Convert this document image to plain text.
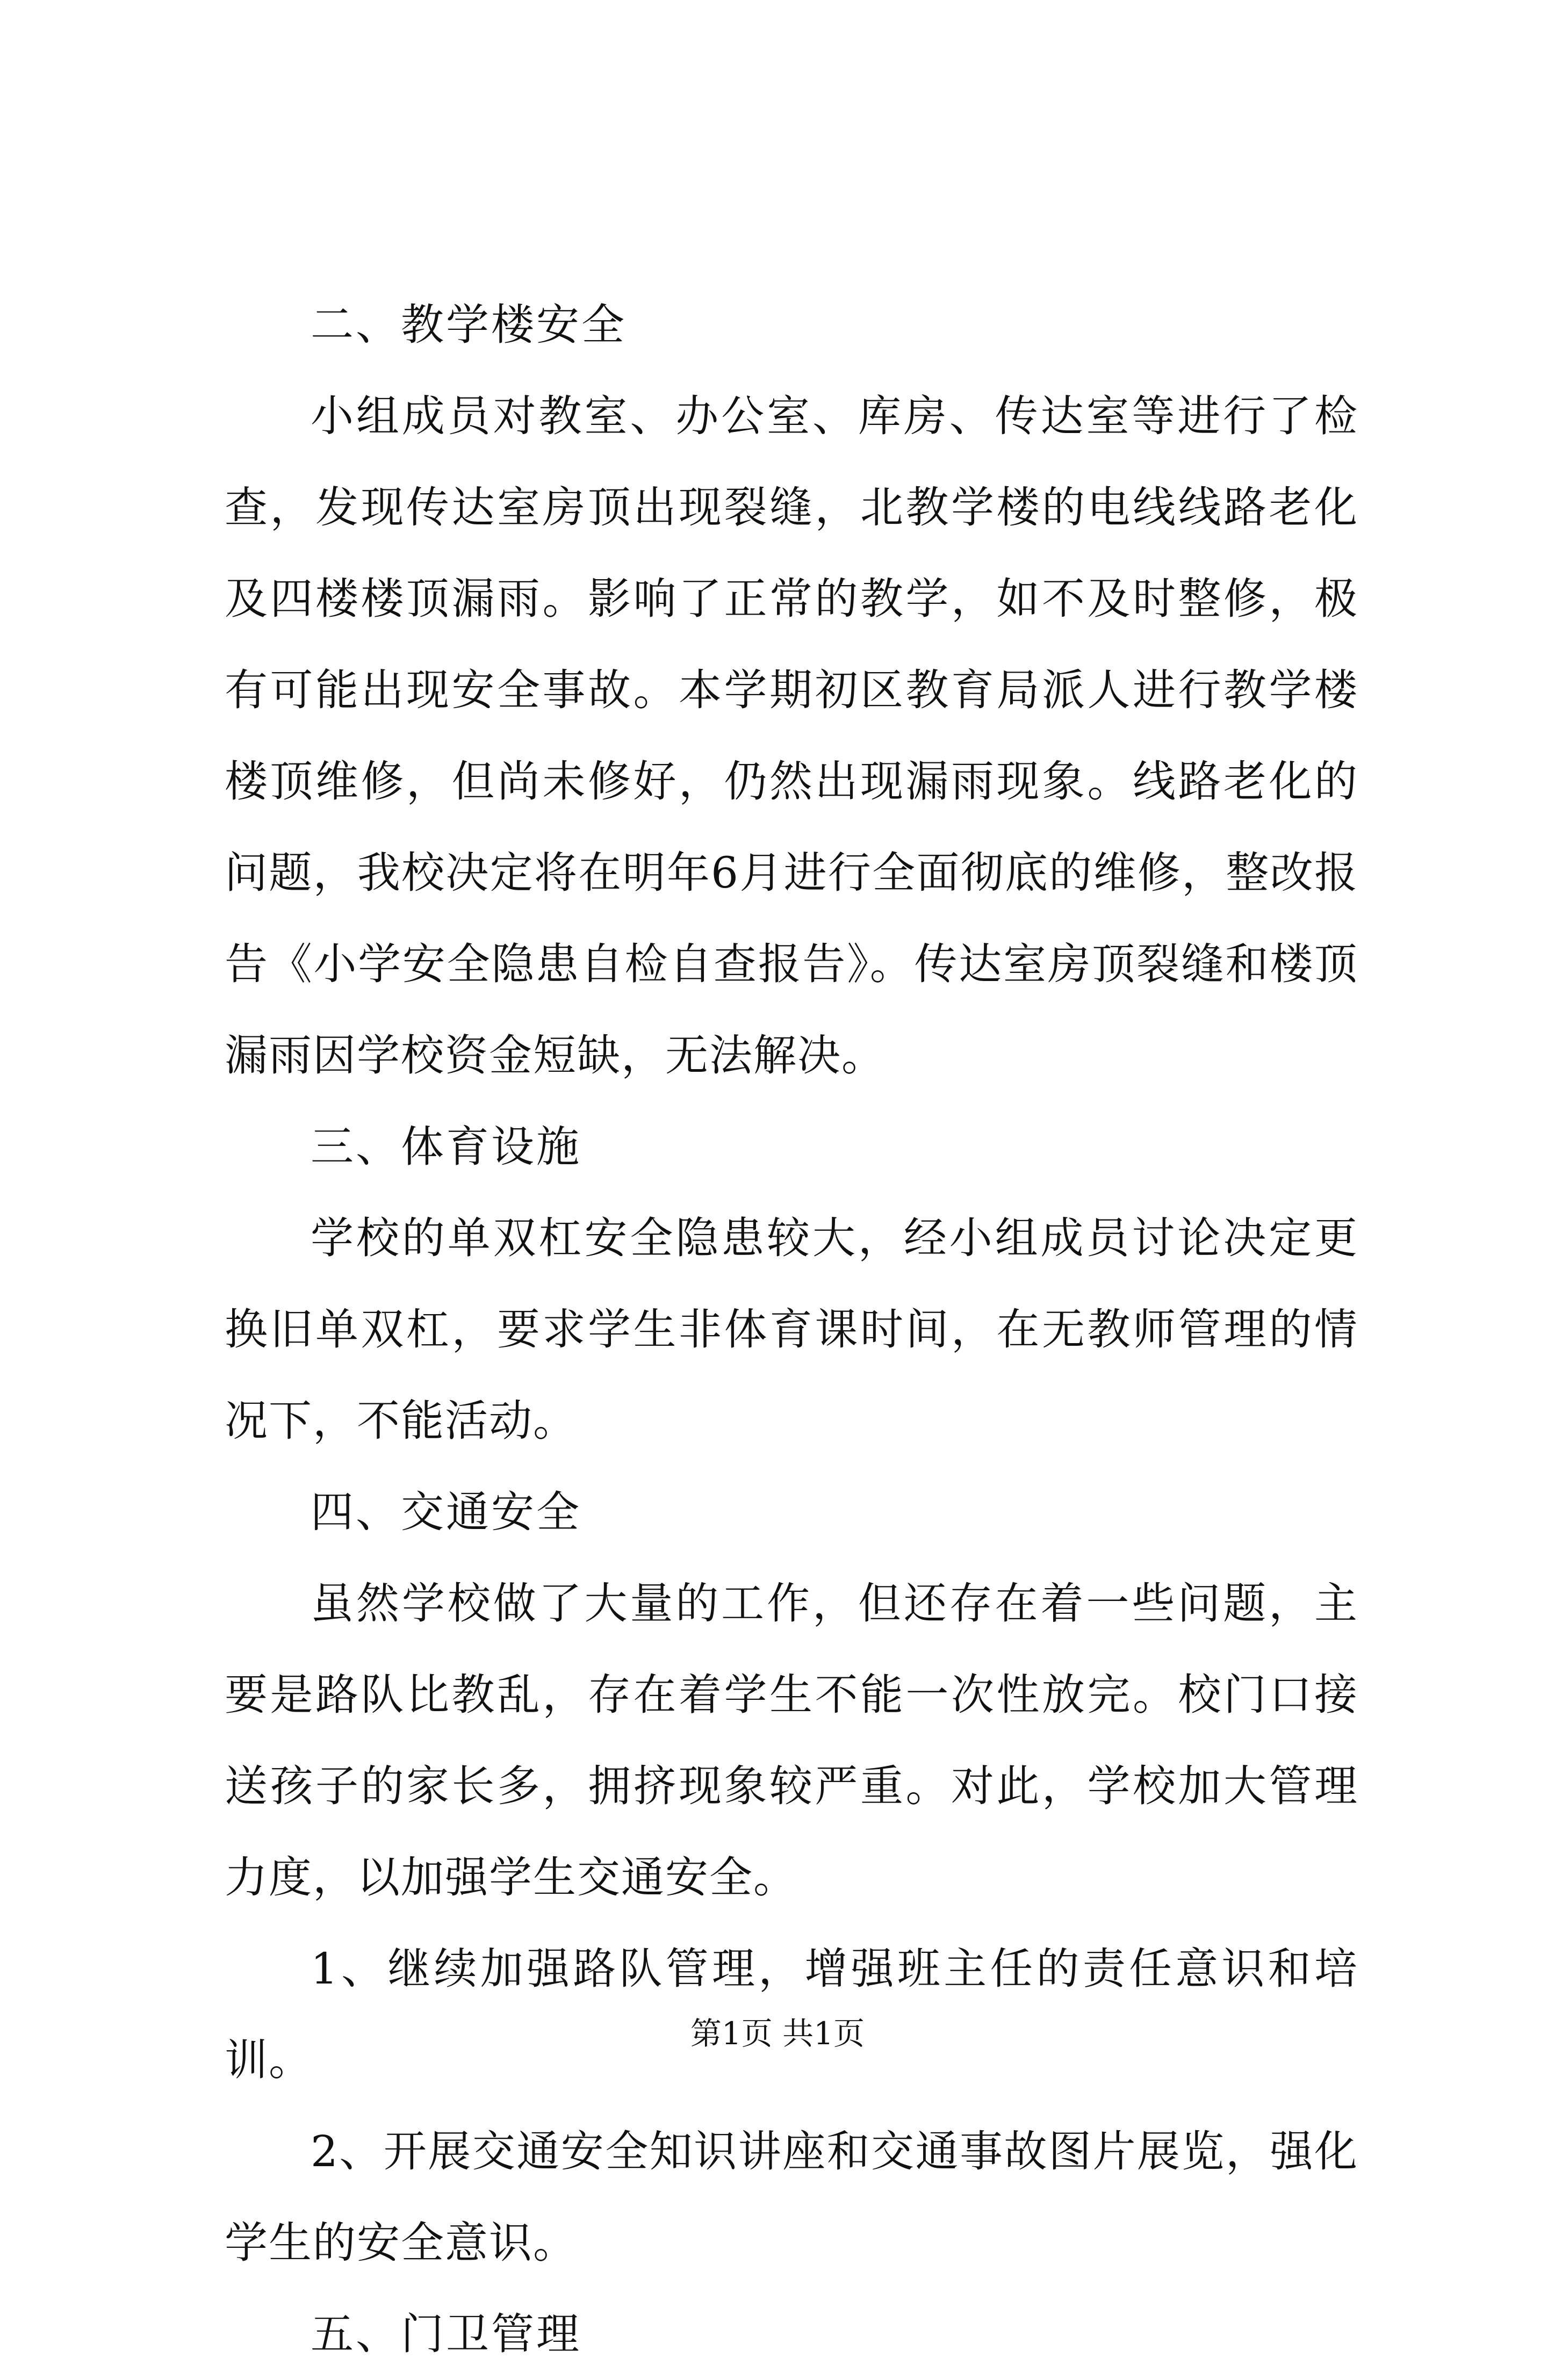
二、教学楼安全

小组成员对教室、办公室、库房、传达室等进行了检查，发现传达室房顶出现裂缝，北教学楼的电线线路老化及四楼楼顶漏雨。影响了正常的教学，如不及时整修，极有可能出现安全事故。本学期初区教育局派人进行教学楼楼顶维修，但尚未修好，仍然出现漏雨现象。线路老化的问题，我校决定将在明年6月进行全面彻底的维修，整改报告《小学安全隐患自检自查报告》。传达室房顶裂缝和楼顶漏雨因学校资金短缺，无法解决。

三、体育设施

学校的单双杠安全隐患较大，经小组成员讨论决定更换旧单双杠，要求学生非体育课时间，在无教师管理的情况下，不能活动。

四、交通安全

虽然学校做了大量的工作，但还存在着一些问题，主要是路队比教乱，存在着学生不能一次性放完。校门口接送孩子的家长多，拥挤现象较严重。对此，学校加大管理力度，以加强学生交通安全。

1、继续加强路队管理，增强班主任的责任意识和培训。

2、开展交通安全知识讲座和交通事故图片展览，强化学生的安全意识。

五、门卫管理

第1页 共1页
